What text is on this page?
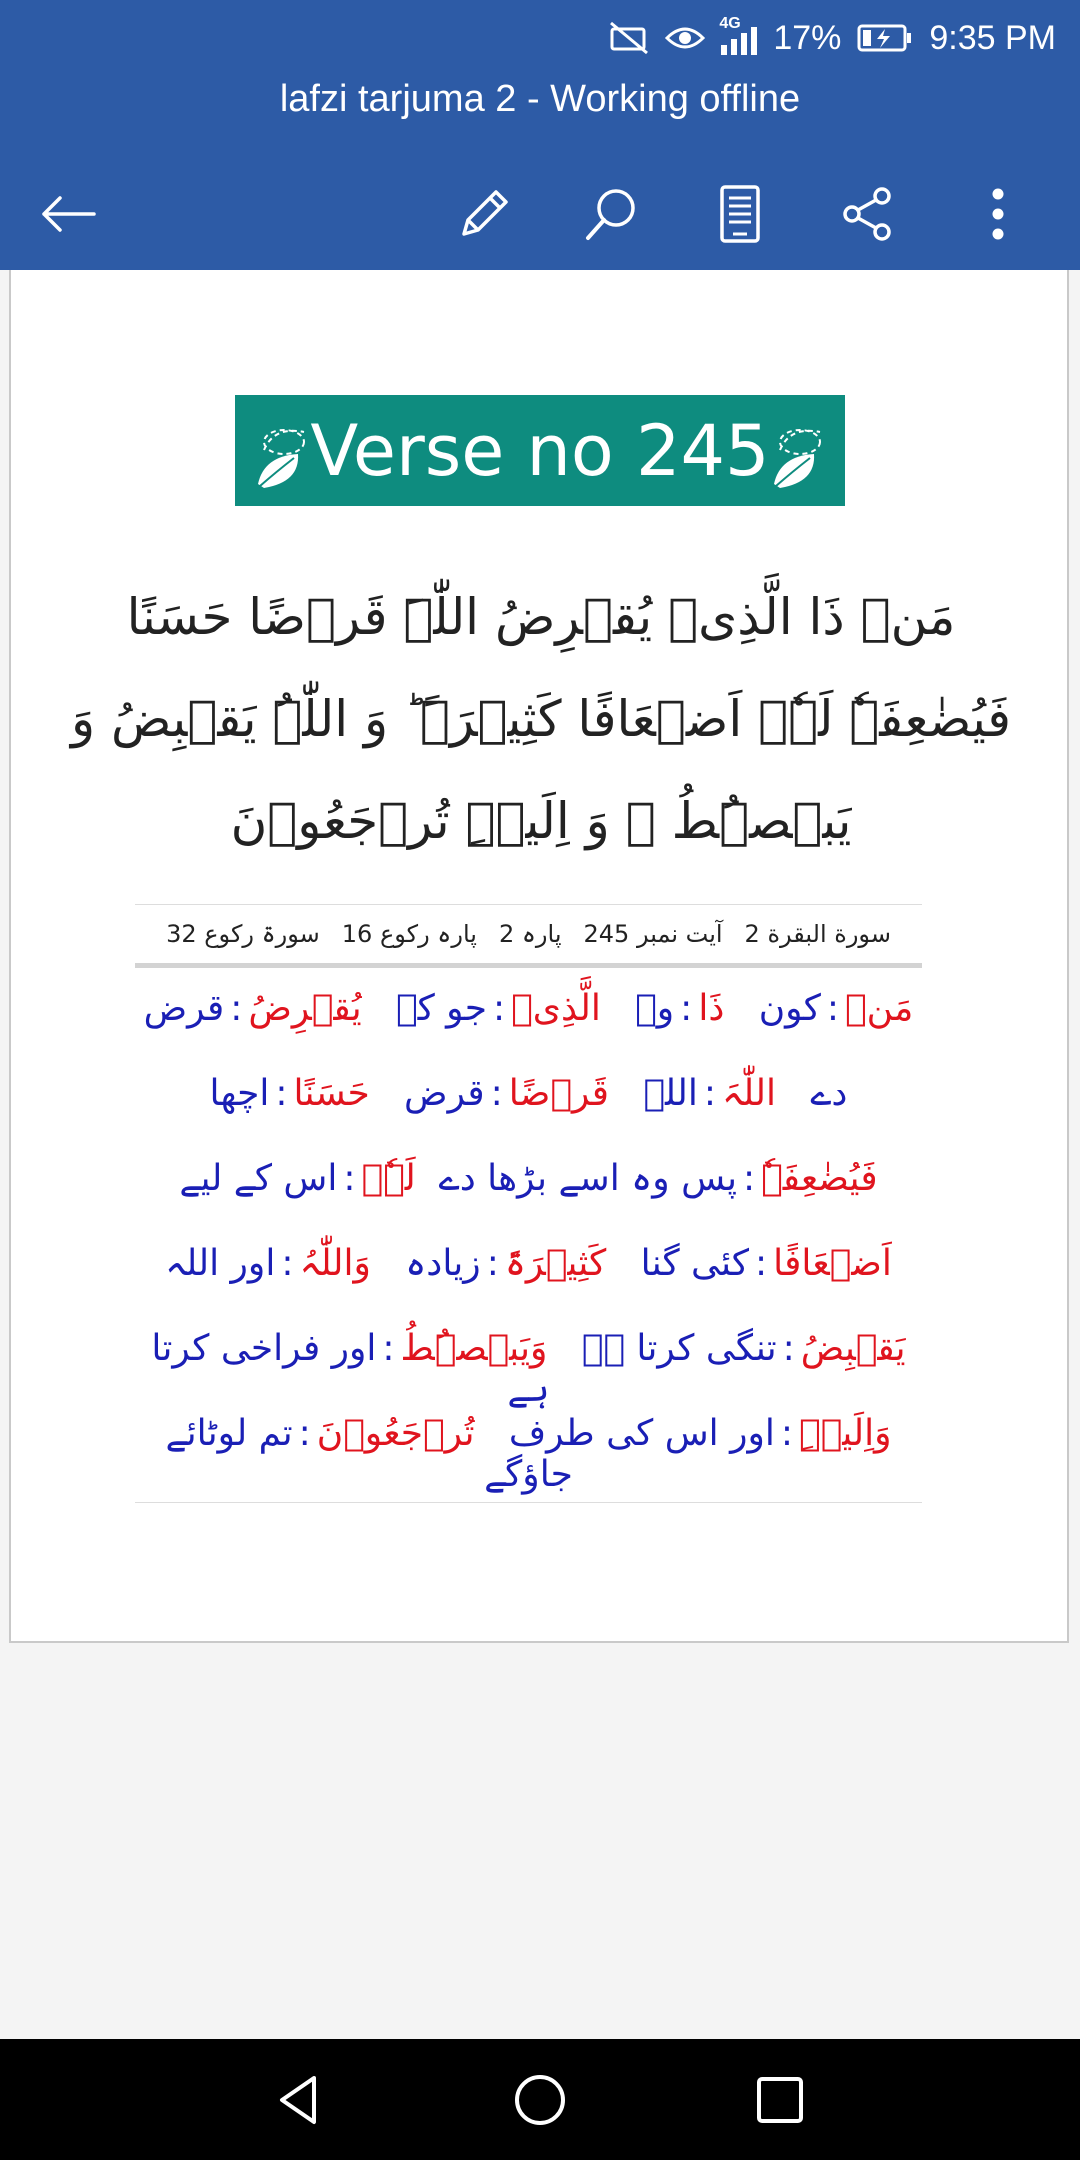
4G 17%	9:35 PM
lafzi tarjuma 2 - Working offline
Verse no 245
مَنۡ ذَا الَّذِیۡ یُقۡرِضُ اللّٰہَ قَرۡضًا حَسَنًا
فَیُضٰعِفَہٗ لَہٗۤ اَضۡعَافًا کَثِیۡرَۃً ؕ وَ اللّٰہُ یَقۡبِضُ وَ
یَبۡصُۜطُ ۪ وَ اِلَیۡہِ تُرۡجَعُوۡنَ
سورة البقرة 2
آیت نمبر 245
پارہ 2
پارہ رکوع 16
سورۃ رکوع 32
مَنۡ:کون   ذَا:وہ   الَّذِیۡ:جو کہ   یُقۡرِضُ:قرض
دے   اللّٰہَ:اللہ   قَرۡضًا:قرض   حَسَنًا:اچھا
فَیُضٰعِفَہٗ:پس وہ اسے بڑھا دے  لَہٗۤ:اس کے لیے
اَضۡعَافًا:کئی گنا   کَثِیۡرَۃً:زیادہ   وَاللّٰہُ:اور اللہ
یَقۡبِضُ:تنگی کرتا ہے   وَیَبۡصُۜطُ:اور فراخی کرتا ہے
وَاِلَیۡہِ:اور اس کی طرف   تُرۡجَعُوۡنَ:تم لوٹائے جاؤگے
